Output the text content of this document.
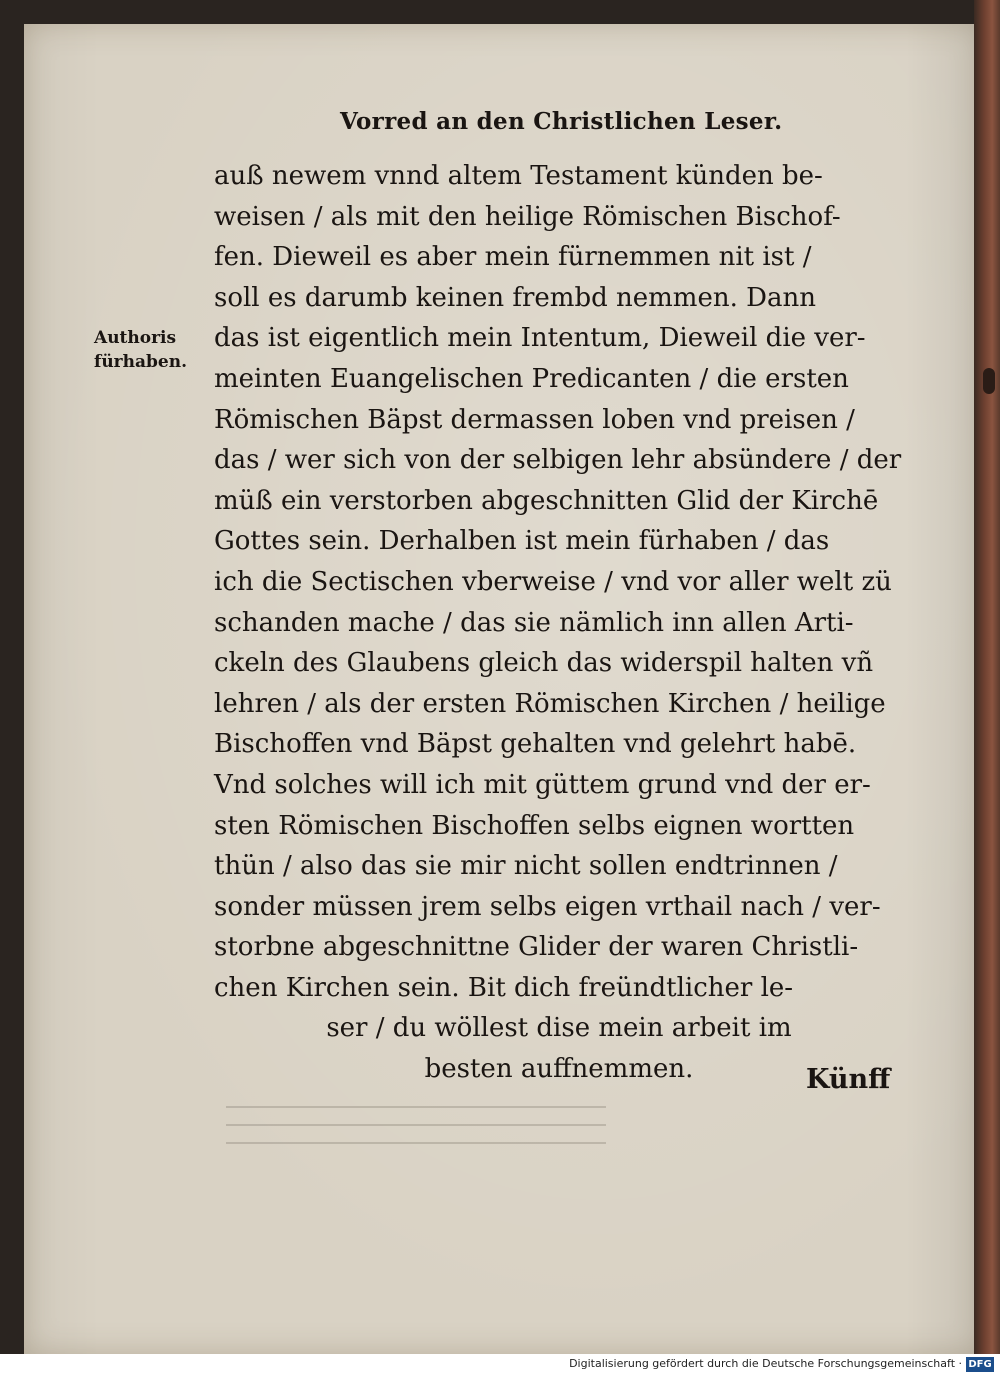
Vorred an den Christlichen Leser.
Authoris
fürhaben.
auß newem vnnd altem Testament künden be-
weisen / als mit den heilige Römischen Bischof-
fen. Dieweil es aber mein fürnemmen nit ist /
soll es darumb keinen frembd nemmen. Dann
das ist eigentlich mein Intentum, Dieweil die ver-
meinten Euangelischen Predicanten / die ersten
Römischen Bäpst dermassen loben vnd preisen /
das / wer sich von der selbigen lehr absündere / der
müß ein verstorben abgeschnitten Glid der Kirchē
Gottes sein. Derhalben ist mein fürhaben / das
ich die Sectischen vberweise / vnd vor aller welt zü
schanden mache / das sie nämlich inn allen Arti-
ckeln des Glaubens gleich das widerspil halten vñ
lehren / als der ersten Römischen Kirchen / heilige
Bischoffen vnd Bäpst gehalten vnd gelehrt habē.
Vnd solches will ich mit güttem grund vnd der er-
sten Römischen Bischoffen selbs eignen wortten
thün / also das sie mir nicht sollen endtrinnen /
sonder müssen jrem selbs eigen vrthail nach / ver-
storbne abgeschnittne Glider der waren Christli-
chen Kirchen sein. Bit dich freündtlicher le-
ser / du wöllest dise mein arbeit im
besten auffnemmen.	Künff
Digitalisierung gefördert durch die Deutsche Forschungsgemeinschaft · DFG
